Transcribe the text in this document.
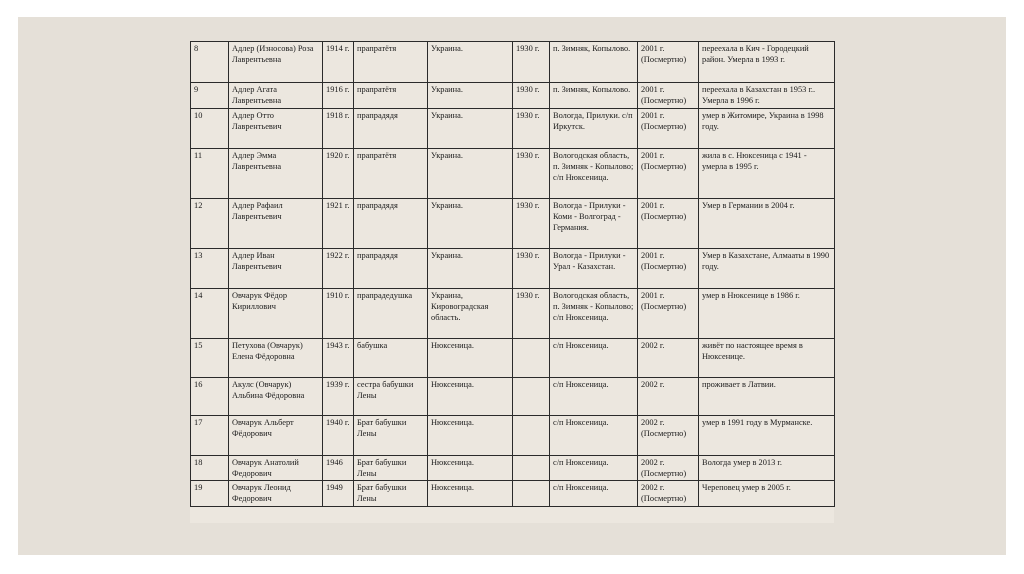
8	Адлер (Износова) Роза Лаврентьевна	1914 г.	прапратётя	Украина.	1930 г.	п. Зимняк, Копылово.	2001 г. (Посмертно)	переехала в Кич - Городецкий район. Умерла в 1993 г.
9	Адлер Агата Лаврентьевна	1916 г.	прапратётя	Украина.	1930 г.	п. Зимняк, Копылово.	2001 г. (Посмертно)	переехала в Казахстан в 1953 г.. Умерла в 1996 г.
10	Адлер Отто Лаврентьевич	1918 г.	прапрадядя	Украина.	1930 г.	Вологда, Прилуки. с/п Иркутск.	2001 г. (Посмертно)	умер в Житомире, Украина в 1998 году.
11	Адлер Эмма Лаврентьевна	1920 г.	прапратётя	Украина.	1930 г.	Вологодская область, п. Зимняк - Копылово; с/п Нюксеница.	2001 г. (Посмертно)	жила в с. Нюксеница с 1941 - умерла в 1995 г.
12	Адлер Рафаил Лаврентьевич	1921 г.	прапрадядя	Украина.	1930 г.	Вологда - Прилуки - Коми - Волгоград - Германия.	2001 г. (Посмертно)	Умер в Германии в 2004 г.
13	Адлер Иван Лаврентьевич	1922 г.	прапрадядя	Украина.	1930 г.	Вологда - Прилуки - Урал - Казахстан.	2001 г. (Посмертно)	Умер в Казахстане, Алмааты в 1990 году.
14	Овчарук Фёдор Кириллович	1910 г.	прапрадедушка	Украина, Кировоградская область.	1930 г.	Вологодская область, п. Зимняк - Копылово; с/п Нюксеница.	2001 г. (Посмертно)	умер в Нюксенице в 1986 г.
15	Петухова (Овчарук) Елена Фёдоровна	1943 г.	бабушка	Нюксеница.		с/п Нюксеница.	2002 г.	живёт по настоящее время в Нюксенице.
16	Акулс (Овчарук) Альбина Фёдоровна	1939 г.	сестра бабушки Лены	Нюксеница.		с/п Нюксеница.	2002 г.	проживает в Латвии.
17	Овчарук Альберт Фёдорович	1940 г.	Брат бабушки Лены	Нюксеница.		с/п Нюксеница.	2002 г. (Посмертно)	умер в 1991 году в Мурманске.
18	Овчарук Анатолий Федорович	1946	Брат бабушки Лены	Нюксеница.		с/п Нюксеница.	2002 г. (Посмертно)	Вологда умер в 2013 г.
19	Овчарук Леонид Федорович	1949	Брат бабушки Лены	Нюксеница.		с/п Нюксеница.	2002 г. (Посмертно)	Череповец умер в 2005 г.
